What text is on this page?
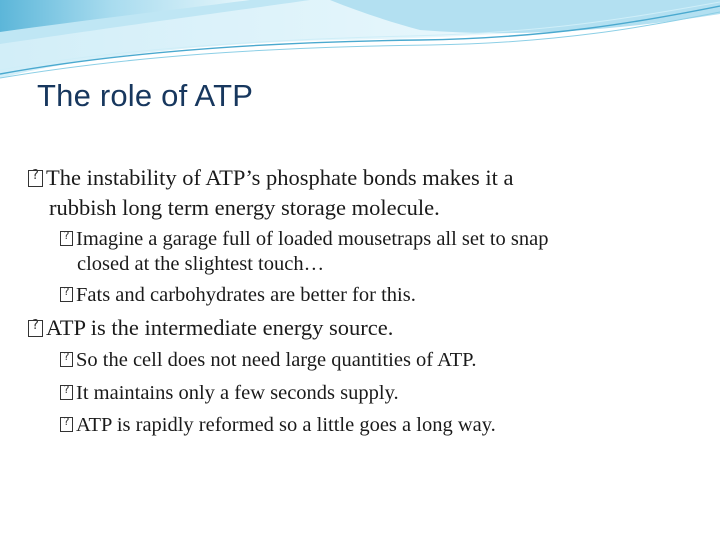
The role of ATP
?The instability of ATP’s phosphate bonds makes it a
rubbish long term energy storage molecule.
?Imagine a garage full of loaded mousetraps all set to snap
closed at the slightest touch…
?Fats and carbohydrates are better for this.
?ATP is the intermediate energy source.
?So the cell does not need large quantities of ATP.
?It maintains only a few seconds supply.
?ATP is rapidly reformed so a little goes a long way.
